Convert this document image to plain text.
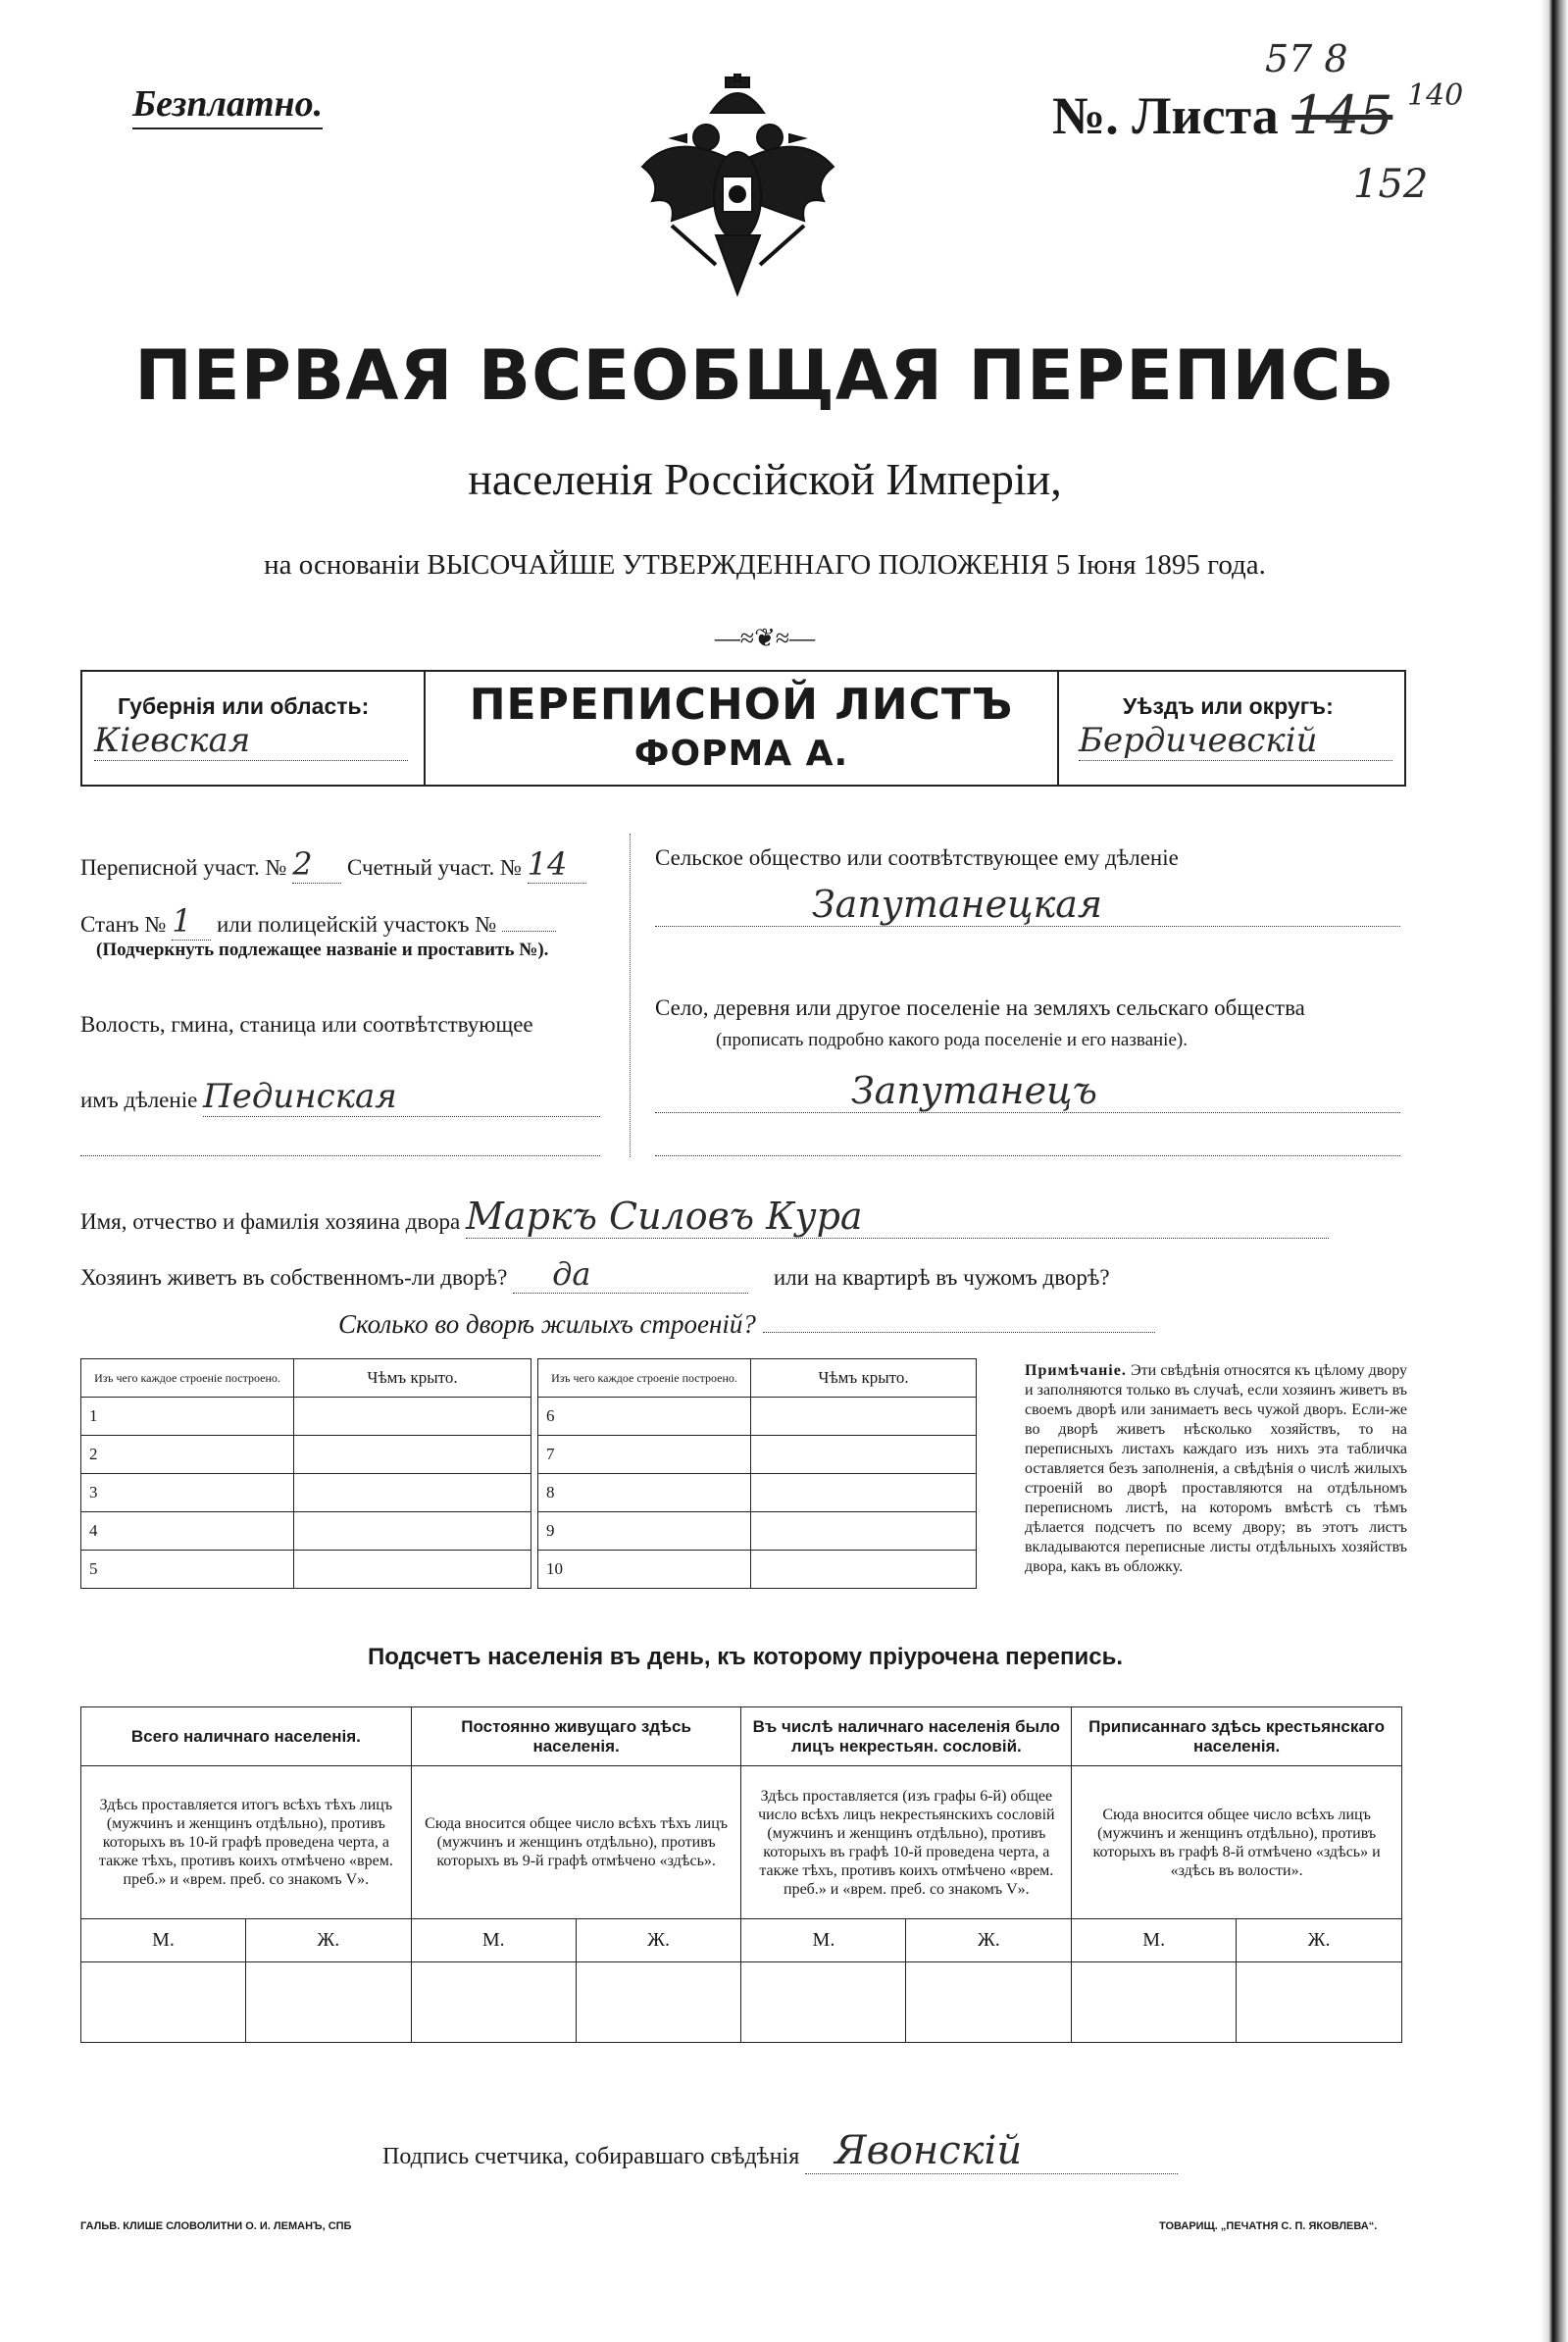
Безплатно.	№. Листа 145
57 8
140
152
ПЕРВАЯ ВСЕОБЩАЯ ПЕРЕПИСЬ
населенія Россійской Имперіи,
на основаніи ВЫСОЧАЙШЕ УТВЕРЖДЕННАГО ПОЛОЖЕНІЯ 5 Іюня 1895 года.
—≈❦≈—
Губернія или область:
Кіевская
ПЕРЕПИСНОЙ ЛИСТЪ
ФОРМА А.
Уѣздъ или округъ:
Бердичевскій
Переписной участ. № 2 Счетный участ. № 14
Станъ № 1 или полицейскій участокъ №
(Подчеркнуть подлежащее названіе и проставить №).
Волость, гмина, станица или соотвѣтствующее
имъ дѣленіе Пединская
Сельское общество или соотвѣтствующее ему дѣленіе
Запутанецкая
Село, деревня или другое поселеніе на земляхъ сельскаго общества
(прописать подробно какого рода поселеніе и его названіе).
Запутанецъ
Имя, отчество и фамилія хозяина двора Маркъ Силовъ Кура
Хозяинъ живетъ въ собственномъ-ли дворѣ? да	или на квартирѣ въ чужомъ дворѣ?
Сколько во дворѣ жилыхъ строеній?
Изъ чего каждое строеніе построено.	Чѣмъ крыто.
1	
2	
3	
4	
5	
Изъ чего каждое строеніе построено.	Чѣмъ крыто.
6	
7	
8	
9	
10	
Примѣчаніе. Эти свѣдѣнія относятся къ цѣлому двору и заполняются только въ случаѣ, если хозяинъ живетъ въ своемъ дворѣ или занимаетъ весь чужой дворъ. Если-же во дворѣ живетъ нѣсколько хозяйствъ, то на переписныхъ листахъ каждаго изъ нихъ эта табличка оставляется безъ заполненія, а свѣдѣнія о числѣ жилыхъ строеній во дворѣ проставляются на отдѣльномъ переписномъ листѣ, на которомъ вмѣстѣ съ тѣмъ дѣлается подсчетъ по всему двору; въ этотъ листъ вкладываются переписные листы отдѣльныхъ хозяйствъ двора, какъ въ обложку.
Подсчетъ населенія въ день, къ которому пріурочена перепись.
Всего наличнаго населенія.		Постоянно живущаго здѣсь населенія.		Въ числѣ наличнаго населенія было лицъ некрестьян. сословій.		Приписаннаго здѣсь крестьянскаго населенія.	
Здѣсь проставляется итогъ всѣхъ тѣхъ лицъ (мужчинъ и женщинъ отдѣльно), противъ которыхъ въ 10-й графѣ проведена черта, а также тѣхъ, противъ коихъ отмѣчено «врем. преб.» и «врем. преб. со знакомъ V».		Сюда вносится общее число всѣхъ тѣхъ лицъ (мужчинъ и женщинъ отдѣльно), противъ которыхъ въ 9-й графѣ отмѣчено «здѣсь».		Здѣсь проставляется (изъ графы 6-й) общее число всѣхъ лицъ некрестьянскихъ сословій (мужчинъ и женщинъ отдѣльно), противъ которыхъ въ графѣ 10-й проведена черта, а также тѣхъ, противъ коихъ отмѣчено «врем. преб.» и «врем. преб. со знакомъ V».		Сюда вносится общее число всѣхъ лицъ (мужчинъ и женщинъ отдѣльно), противъ которыхъ въ графѣ 8-й отмѣчено «здѣсь» и «здѣсь въ волости».	
М.	Ж.	М.	Ж.	М.	Ж.	М.	Ж.

Подпись счетчика, собиравшаго свѣдѣнія Явонскій
ГАЛЬВ. КЛИШЕ СЛОВОЛИТНИ О. И. ЛЕМАНЪ, СПБ	ТОВАРИЩ. „ПЕЧАТНЯ С. П. ЯКОВЛЕВА“.
